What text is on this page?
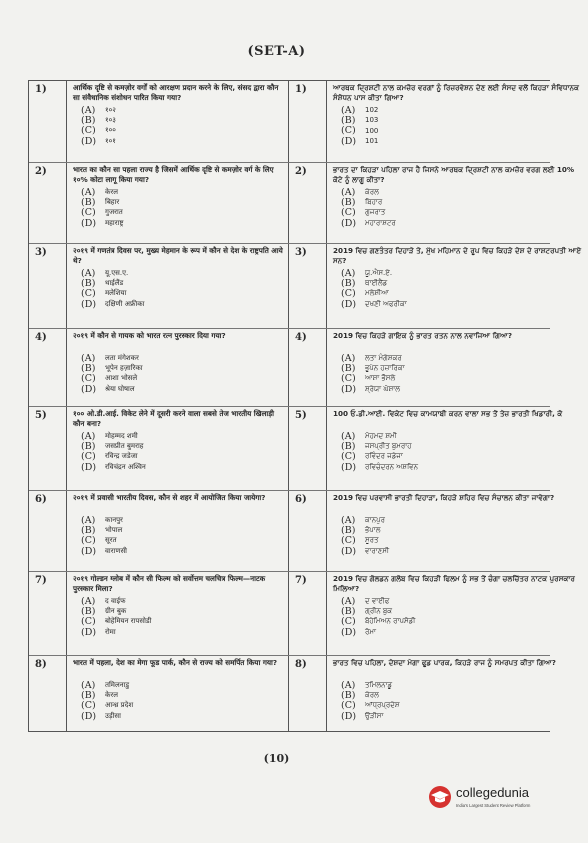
(SET-A)
1)	आर्थिक दृष्टि से कमज़ोर वर्गों को आरक्षण प्रदान करने के लिए, संसद द्वारा कौन सा संवैधानिक संशोधन पारित किया गया?
(A)	१०२
(B)	१०३
(C)	१००
(D)	१०१
1)	ਆਰਥਕ ਦ੍ਰਿਸ਼ਟੀ ਨਾਲ ਕਮਜ਼ੋਰ ਵਰਗਾਂ ਨੂੰ ਰਿਜ਼ਰਵੇਸ਼ਨ ਦੇਣ ਲਈ ਸੰਸਦ ਵਲੋਂ ਕਿਹੜਾ ਸੰਵਿਧਾਨਕ ਸੰਸ਼ੋਧਨ ਪਾਸ ਕੀਤਾ ਗਿਆ?
(A)	102
(B)	103
(C)	100
(D)	101
2)	भारत का कौन सा पहला राज्य है जिसमें आर्थिक दृष्टि से कमज़ोर वर्ग के लिए १०% कोटा लागू किया गया?
(A)	केरल
(B)	बिहार
(C)	गुजरात
(D)	महाराष्ट्र
2)	ਭਾਰਤ ਦਾ ਕਿਹੜਾ ਪਹਿਲਾ ਰਾਜ ਹੈ ਜਿਸਨੇ ਆਰਥਕ ਦ੍ਰਿਸ਼ਟੀ ਨਾਲ ਕਮਜ਼ੋਰ ਵਰਗ ਲਈ 10% ਕੋਟੇ ਨੂੰ ਲਾਗੂ ਕੀਤਾ?
(A)	ਕੇਰਲ
(B)	ਬਿਹਾਰ
(C)	ਗੁਜਰਾਤ
(D)	ਮਹਾਰਾਸ਼ਟਰ
3)	२०१९ में गणतंत्र दिवस पर, मुख्य मेहमान के रूप में कौन से देश के राष्ट्रपति आये थे?
(A)	यू.एस.ए.
(B)	थाईलैंड
(C)	मलेशिया
(D)	दक्षिणी अफ्रीका
3)	2019 ਵਿਚ ਗਣਤੰਤਰ ਦਿਹਾੜੇ ਤੇ, ਮੁੱਖ ਮਹਿਮਾਨ ਦੇ ਰੂਪ ਵਿਚ ਕਿਹੜੇ ਦੇਸ਼ ਦੇ ਰਾਸ਼ਟਰਪਤੀ ਆਏ ਸਨ?
(A)	ਯੂ.ਐਸ.ਏ.
(B)	ਥਾਈਲੈਂਡ
(C)	ਮਲੇਸ਼ੀਆ
(D)	ਦਖਣੀ ਅਫਰੀਕਾ
4)	२०१९ में कौन से गायक को भारत रत्न पुरस्कार दिया गया?
(A)	लता मंगेशकर
(B)	भूपेन हज़ारिका
(C)	आशा भोसले
(D)	श्रेया घोषाल
4)	2019 ਵਿਚ ਕਿਹੜੇ ਗਾਇਕ ਨੂੰ ਭਾਰਤ ਰਤਨ ਨਾਲ ਨਵਾਜਿਆ ਗਿਆ?
(A)	ਲਤਾ ਮੰਗੇਸ਼ਕਰ
(B)	ਭੂਪੇਨ ਹਜ਼ਾਰਿਕਾ
(C)	ਆਸ਼ਾ ਭੌਸਲੇ
(D)	ਸ਼੍ਰੇਯਾ ਘੋਸ਼ਾਲ
5)	१०० ओ.डी.आई. विकेट लेने में दूसरी करने वाला सबसे तेज भारतीय खिलाड़ी कौन बना?
(A)	मोहम्मद शमी
(B)	जसप्रीत बुमराह
(C)	रविन्द्र जडेजा
(D)	रविचंद्रन अश्विन
5)	100 ਓ.ਡੀ.ਆਈ. ਵਿਕੇਟ ਵਿਚ ਕਾਮਯਾਬੀ ਕਰਨ ਵਾਲਾ ਸਭ ਤੋਂ ਤੇਜ਼ ਭਾਰਤੀ ਖਿਡਾਰੀ, ਕੋ
(A)	ਮੋਹਮਦ ਸ਼ਮੀ
(B)	ਜਸਪ੍ਰੀਤ ਬੁਮਰਾਹ
(C)	ਰਵਿੰਦਰ ਜਡੇਜਾ
(D)	ਰਵਿਚੰਦਰਨ ਅਸ਼ਵਿਨ
6)	२०१९ में प्रवासी भारतीय दिवस, कौन से शहर में आयोजित किया जायेगा?
(A)	कानपुर
(B)	भोपाल
(C)	सूरत
(D)	वाराणसी
6)	2019 ਵਿਚ ਪਰਵਾਸੀ ਭਾਰਤੀ ਦਿਹਾੜਾ, ਕਿਹੜੇ ਸ਼ਹਿਰ ਵਿਚ ਸੰਚਾਲਨ ਕੀਤਾ ਜਾਵੇਗਾ?
(A)	ਕਾਨਪੁਰ
(B)	ਭੋਪਾਲ
(C)	ਸੂਰਤ
(D)	ਵਾਰਾਣਸੀ
7)	२०१९ गोल्डन ग्लोब में कौन सी फिल्म को सर्वोत्तम चलचित्र फिल्म—नाटक पुरस्कार मिला?
(A)	द वाईफ
(B)	ग्रीन बुक
(C)	बोहेमियन रापसोडी
(D)	रोमा
7)	2019 ਵਿਚ ਗੋਲਡਨ ਗਲੋਬ ਵਿਚ ਕਿਹੜੀ ਫਿਲਮ ਨੂੰ ਸਭ ਤੋਂ ਚੰਗਾ ਚਲਚਿੱਤਰ ਨਾਟਕ ਪੁਰਸਕਾਰ ਮਿਲਿਆ?
(A)	ਦ ਵਾਈਫ
(B)	ਗ੍ਰੀਨ ਬੁਕ
(C)	ਬੋਹੇਮਿਅਨ ਰਾਪਸੋਡੀ
(D)	ਰੋਮਾ
8)	भारत में पहला, देश का मेगा फूड पार्क, कौन से राज्य को समर्पित किया गया?
(A)	तमिलनाडु
(B)	केरल
(C)	आन्ध्र प्रदेश
(D)	उड़ीसा
8)	ਭਾਰਤ ਵਿਚ ਪਹਿਲਾ, ਦੇਸ਼ਦਾ ਮੇਗਾ ਫੂਡ ਪਾਰਕ, ਕਿਹੜੇ ਰਾਜ ਨੂੰ ਸਮਰਪਤ ਕੀਤਾ ਗਿਆ?
(A)	ਤਮਿਲਨਾਡੂ
(B)	ਕੇਰਲ
(C)	ਆਂਧ੍ਰਪ੍ਰਦੇਸ਼
(D)	ਉੜੀਸਾ
(10)
collegedunia
India's Largest Student Review Platform
